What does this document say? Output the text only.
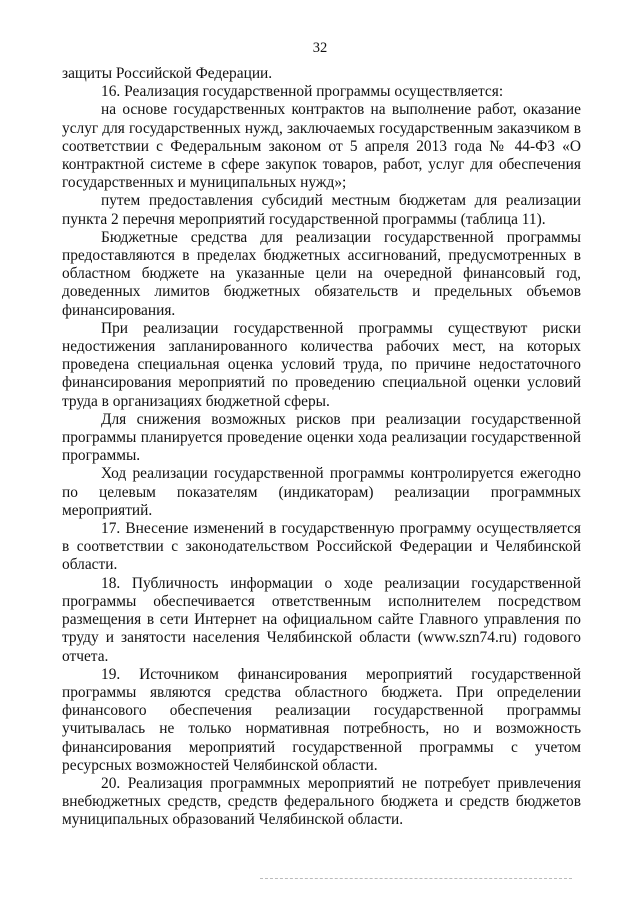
32

защиты Российской Федерации.

16. Реализация государственной программы осуществляется:

на основе государственных контрактов на выполнение работ, оказание услуг для государственных нужд, заключаемых государственным заказчиком в соответствии с Федеральным законом от 5 апреля 2013 года № 44-ФЗ «О контрактной системе в сфере закупок товаров, работ, услуг для обеспечения государственных и муниципальных нужд»;

путем предоставления субсидий местным бюджетам для реализации пункта 2 перечня мероприятий государственной программы (таблица 11).

Бюджетные средства для реализации государственной программы предоставляются в пределах бюджетных ассигнований, предусмотренных в областном бюджете на указанные цели на очередной финансовый год, доведенных лимитов бюджетных обязательств и предельных объемов финансирования.

При реализации государственной программы существуют риски недостижения запланированного количества рабочих мест, на которых проведена специальная оценка условий труда, по причине недостаточного финансирования мероприятий по проведению специальной оценки условий труда в организациях бюджетной сферы.

Для снижения возможных рисков при реализации государственной программы планируется проведение оценки хода реализации государственной программы.

Ход реализации государственной программы контролируется ежегодно по целевым показателям (индикаторам) реализации программных мероприятий.

17. Внесение изменений в государственную программу осуществляется в соответствии с законодательством Российской Федерации и Челябинской области.

18. Публичность информации о ходе реализации государственной программы обеспечивается ответственным исполнителем посредством размещения в сети Интернет на официальном сайте Главного управления по труду и занятости населения Челябинской области (www.szn74.ru) годового отчета.

19. Источником финансирования мероприятий государственной программы являются средства областного бюджета. При определении финансового обеспечения реализации государственной программы учитывалась не только нормативная потребность, но и возможность финансирования мероприятий государственной программы с учетом ресурсных возможностей Челябинской области.

20. Реализация программных мероприятий не потребует привлечения внебюджетных средств, средств федерального бюджета и средств бюджетов муниципальных образований Челябинской области.
